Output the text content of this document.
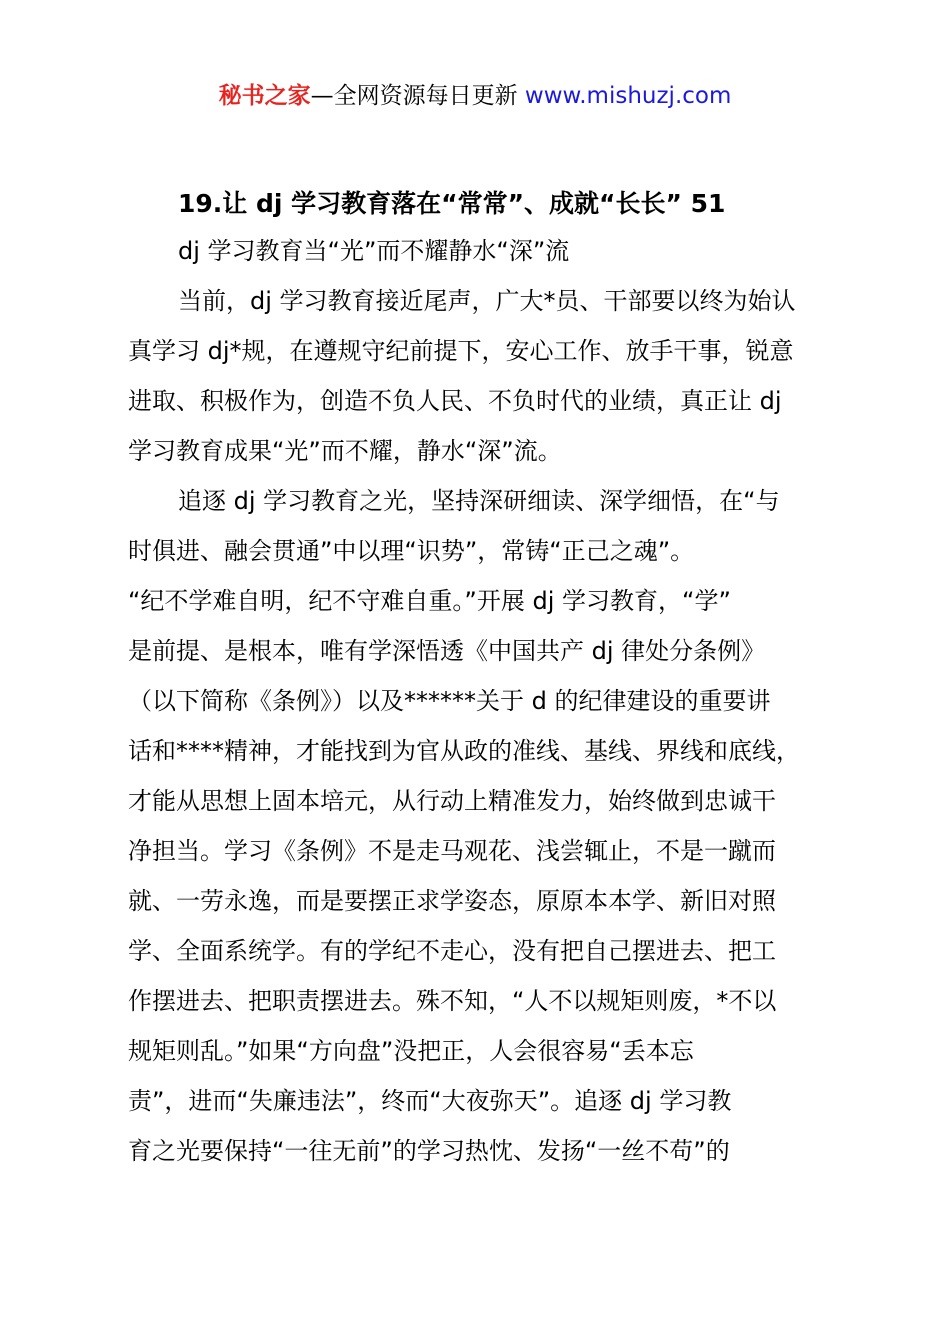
秘书之家—全网资源每日更新 www.mishuzj.com
19.让 dj 学习教育落在“常常”、成就“长长” 51

dj 学习教育当“光”而不耀静水“深”流

当前，dj 学习教育接近尾声，广大*员、干部要以终为始认
真学习 dj*规，在遵规守纪前提下，安心工作、放手干事，锐意
进取、积极作为，创造不负人民、不负时代的业绩，真正让 dj
学习教育成果“光”而不耀，静水“深”流。
追逐 dj 学习教育之光，坚持深研细读、深学细悟，在“与
时俱进、融会贯通”中以理“识势”，常铸“正己之魂”。
“纪不学难自明，纪不守难自重。”开展 dj 学习教育，“学”
是前提、是根本，唯有学深悟透《中国共产 dj 律处分条例》
（以下简称《条例》）以及******关于 d 的纪律建设的重要讲
话和****精神，才能找到为官从政的准线、基线、界线和底线，
才能从思想上固本培元，从行动上精准发力，始终做到忠诚干
净担当。学习《条例》不是走马观花、浅尝辄止，不是一蹴而
就、一劳永逸，而是要摆正求学姿态，原原本本学、新旧对照
学、全面系统学。有的学纪不走心，没有把自己摆进去、把工
作摆进去、把职责摆进去。殊不知，“人不以规矩则废，*不以
规矩则乱。”如果“方向盘”没把正，人会很容易“丢本忘
责”，进而“失廉违法”，终而“大夜弥天”。追逐 dj 学习教
育之光要保持“一往无前”的学习热忱、发扬“一丝不苟”的
